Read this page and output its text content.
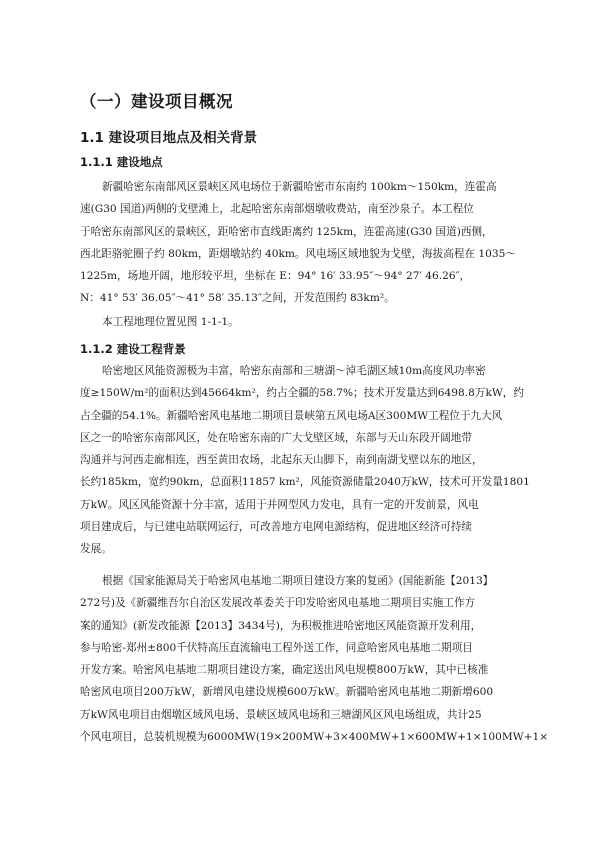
（一）建设项目概况
1.1 建设项目地点及相关背景
1.1.1 建设地点
新疆哈密东南部风区景峡区风电场位于新疆哈密市东南约 100km～150km，连霍高
速(G30 国道)两侧的戈壁滩上，北起哈密东南部烟墩收费站，南至沙泉子。本工程位
于哈密东南部风区的景峡区，距哈密市直线距离约 125km，连霍高速(G30 国道)西侧，
西北距骆驼圈子约 80km，距烟墩站约 40km。风电场区域地貌为戈壁，海拔高程在 1035～
1225m，场地开阔，地形较平坦，坐标在 E：94° 16′ 33.95″～94° 27′ 46.26″，
N：41° 53′ 36.05″～41° 58′ 35.13″之间，开发范围约 83km²。
本工程地理位置见图 1-1-1。
1.1.2 建设工程背景
哈密地区风能资源极为丰富，哈密东南部和三塘湖～淖毛湖区域10m高度风功率密
度≥150W/m²的面积达到45664km²，约占全疆的58.7%；技术开发量达到6498.8万kW，约
占全疆的54.1%。新疆哈密风电基地二期项目景峡第五风电场A区300MW工程位于九大风
区之一的哈密东南部风区，处在哈密东南的广大戈壁区域，东部与天山东段开阔地带
沟通并与河西走廊相连，西至黄田农场，北起东天山脚下，南到南湖戈壁以东的地区，
长约185km，宽约90km，总面积11857 km²，风能资源储量2040万kW，技术可开发量1801
万kW。风区风能资源十分丰富，适用于并网型风力发电，具有一定的开发前景，风电
项目建成后，与已建电站联网运行，可改善地方电网电源结构，促进地区经济可持续
发展。
根据《国家能源局关于哈密风电基地二期项目建设方案的复函》(国能新能【2013】
272号)及《新疆维吾尔自治区发展改革委关于印发哈密风电基地二期项目实施工作方
案的通知》(新发改能源【2013】3434号)，为积极推进哈密地区风能资源开发利用，
参与哈密-郑州±800千伏特高压直流输电工程外送工作，同意哈密风电基地二期项目
开发方案。哈密风电基地二期项目建设方案，确定送出风电规模800万kW，其中已核准
哈密风电项目200万kW，新增风电建设规模600万kW。新疆哈密风电基地二期新增600
万kW风电项目由烟墩区域风电场、景峡区域风电场和三塘湖风区风电场组成，共计25
个风电项目，总装机规模为6000MW(19×200MW+3×400MW+1×600MW+1×100MW+1×
